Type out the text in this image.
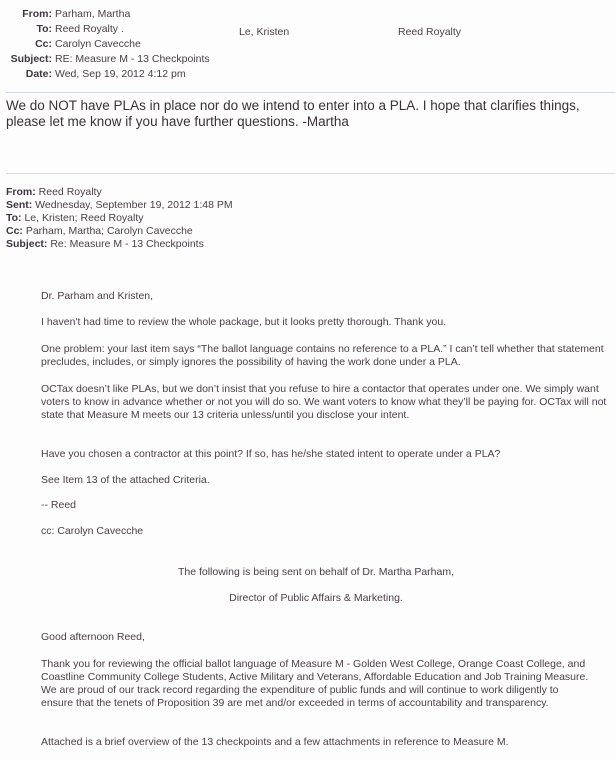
From: Parham, Martha
To: Reed Royalty .
Cc: Carolyn Cavecche
Subject: RE: Measure M - 13 Checkpoints
Date: Wed, Sep 19, 2012 4:12 pm
Le, Kristen	Reed Royalty
We do NOT have PLAs in place nor do we intend to enter into a PLA. I hope that clarifies things, please let me know if you have further questions. -Martha
From: Reed Royalty
Sent: Wednesday, September 19, 2012 1:48 PM
To: Le, Kristen; Reed Royalty
Cc: Parham, Martha; Carolyn Cavecche
Subject: Re: Measure M - 13 Checkpoints

Dr. Parham and Kristen,

I haven't had time to review the whole package, but it looks pretty thorough. Thank you.

One problem: your last item says “The ballot language contains no reference to a PLA.” I can’t tell whether that statement precludes, includes, or simply ignores the possibility of having the work done under a PLA.

OCTax doesn’t like PLAs, but we don’t insist that you refuse to hire a contactor that operates under one. We simply want voters to know in advance whether or not you will do so. We want voters to know what they’ll be paying for. OCTax will not state that Measure M meets our 13 criteria unless/until you disclose your intent.

Have you chosen a contractor at this point? If so, has he/she stated intent to operate under a PLA?

See Item 13 of the attached Criteria.

-- Reed

cc: Carolyn Cavecche

The following is being sent on behalf of Dr. Martha Parham,

Director of Public Affairs & Marketing.

Good afternoon Reed,

Thank you for reviewing the official ballot language of Measure M - Golden West College, Orange Coast College, and Coastline Community College Students, Active Military and Veterans, Affordable Education and Job Training Measure. We are proud of our track record regarding the expenditure of public funds and will continue to work diligently to ensure that the tenets of Proposition 39 are met and/or exceeded in terms of accountability and transparency.

Attached is a brief overview of the 13 checkpoints and a few attachments in reference to Measure M.
